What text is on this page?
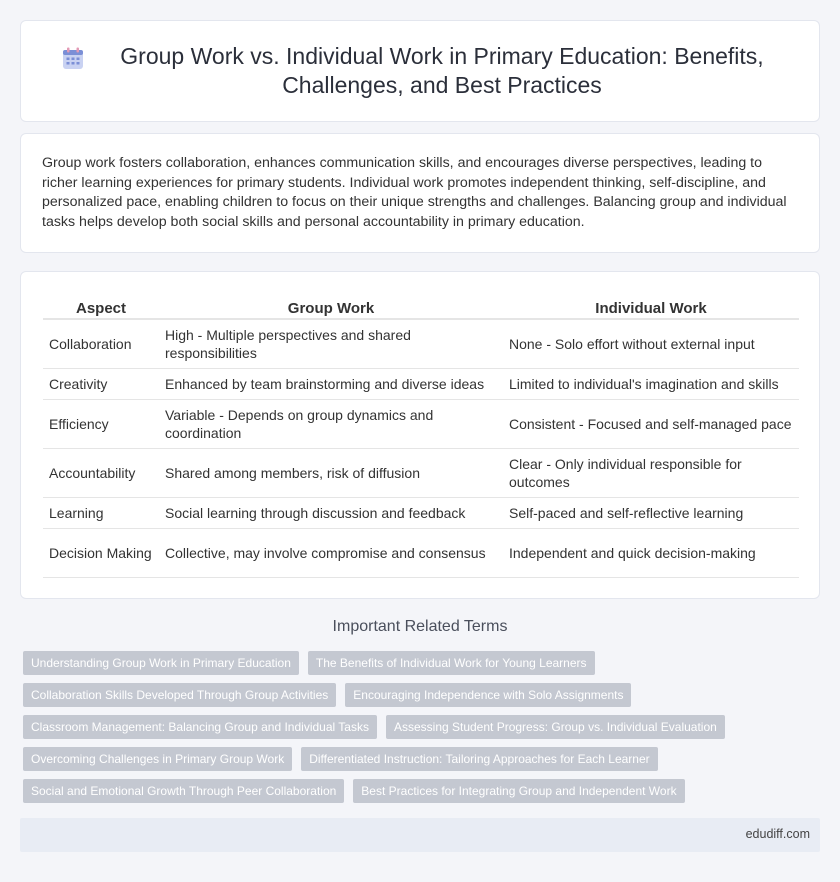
Group Work vs. Individual Work in Primary Education: Benefits, Challenges, and Best Practices

Group work fosters collaboration, enhances communication skills, and encourages diverse perspectives, leading to richer learning experiences for primary students. Individual work promotes independent thinking, self-discipline, and personalized pace, enabling children to focus on their unique strengths and challenges. Balancing group and individual tasks helps develop both social skills and personal accountability in primary education.

Aspect	Group Work	Individual Work
Collaboration	High - Multiple perspectives and shared responsibilities	None - Solo effort without external input
Creativity	Enhanced by team brainstorming and diverse ideas	Limited to individual's imagination and skills
Efficiency	Variable - Depends on group dynamics and coordination	Consistent - Focused and self-managed pace
Accountability	Shared among members, risk of diffusion	Clear - Only individual responsible for outcomes
Learning	Social learning through discussion and feedback	Self-paced and self-reflective learning
Decision Making	Collective, may involve compromise and consensus	Independent and quick decision-making
Important Related Terms
Understanding Group Work in Primary Education	The Benefits of Individual Work for Young Learners
Collaboration Skills Developed Through Group Activities	Encouraging Independence with Solo Assignments
Classroom Management: Balancing Group and Individual Tasks	Assessing Student Progress: Group vs. Individual Evaluation
Overcoming Challenges in Primary Group Work	Differentiated Instruction: Tailoring Approaches for Each Learner
Social and Emotional Growth Through Peer Collaboration	Best Practices for Integrating Group and Independent Work
edudiff.com
